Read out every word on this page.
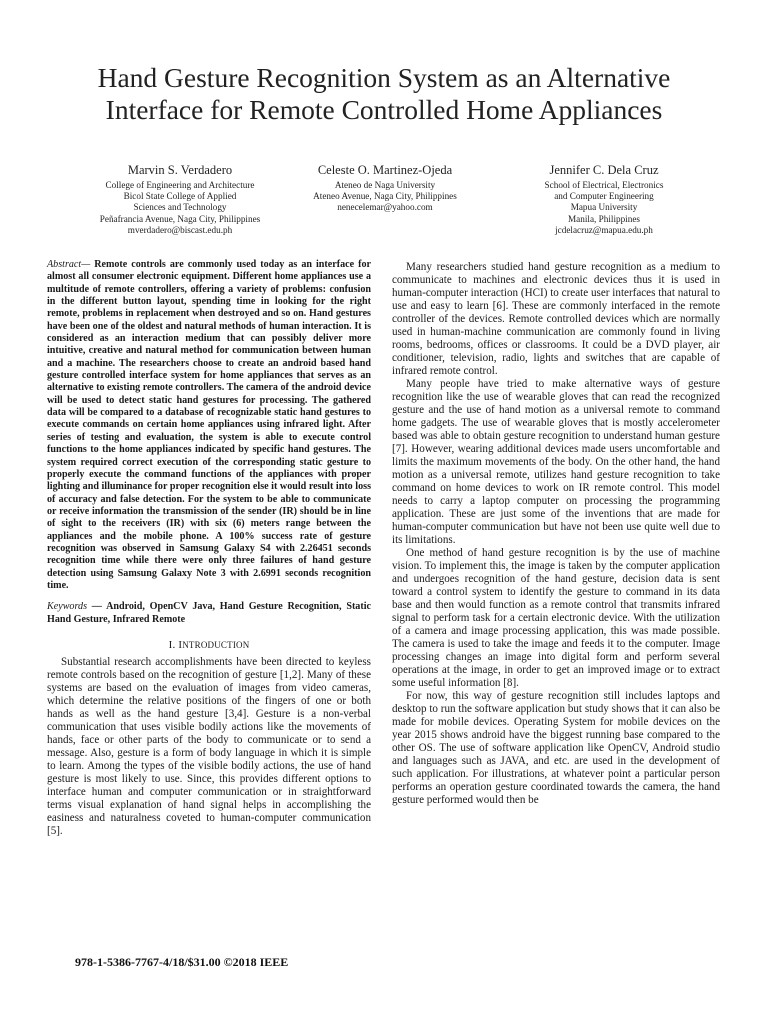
Hand Gesture Recognition System as an Alternative
Interface for Remote Controlled Home Appliances
Marvin S. Verdadero
College of Engineering and Architecture
Bicol State College of Applied
Sciences and Technology
Peñafrancia Avenue, Naga City, Philippines
mverdadero@biscast.edu.ph
Celeste O. Martinez-Ojeda
Ateneo de Naga University
Ateneo Avenue, Naga City, Philippines
nenecelemar@yahoo.com
Jennifer C. Dela Cruz
School of Electrical, Electronics
and Computer Engineering
Mapua University
Manila, Philippines
jcdelacruz@mapua.edu.ph

Abstract— Remote controls are commonly used today as an interface for almost all consumer electronic equipment. Different home appliances use a multitude of remote controllers, offering a variety of problems: confusion in the different button layout, spending time in looking for the right remote, problems in replacement when destroyed and so on. Hand gestures have been one of the oldest and natural methods of human interaction. It is considered as an interaction medium that can possibly deliver more intuitive, creative and natural method for communication between human and a machine. The researchers choose to create an android based hand gesture controlled interface system for home appliances that serves as an alternative to existing remote controllers. The camera of the android device will be used to detect static hand gestures for processing. The gathered data will be compared to a database of recognizable static hand gestures to execute commands on certain home appliances using infrared light. After series of testing and evaluation, the system is able to execute control functions to the home appliances indicated by specific hand gestures. The system required correct execution of the corresponding static gesture to properly execute the command functions of the appliances with proper lighting and illuminance for proper recognition else it would result into loss of accuracy and false detection. For the system to be able to communicate or receive information the transmission of the sender (IR) should be in line of sight to the receivers (IR) with six (6) meters range between the appliances and the mobile phone. A 100% success rate of gesture recognition was observed in Samsung Galaxy S4 with 2.26451 seconds recognition time while there were only three failures of hand gesture detection using Samsung Galaxy Note 3 with 2.6991 seconds recognition time.

Keywords — Android, OpenCV Java, Hand Gesture Recognition, Static Hand Gesture, Infrared Remote

I. INTRODUCTION

Substantial research accomplishments have been directed to keyless remote controls based on the recognition of gesture [1,2]. Many of these systems are based on the evaluation of images from video cameras, which determine the relative positions of the fingers of one or both hands as well as the hand gesture [3,4]. Gesture is a non-verbal communication that uses visible bodily actions like the movements of hands, face or other parts of the body to communicate or to send a message. Also, gesture is a form of body language in which it is simple to learn. Among the types of the visible bodily actions, the use of hand gesture is most likely to use. Since, this provides different options to interface human and computer communication or in straightforward terms visual explanation of hand signal helps in accomplishing the easiness and naturalness coveted to human-computer communication [5].

Many researchers studied hand gesture recognition as a medium to communicate to machines and electronic devices thus it is used in human-computer interaction (HCI) to create user interfaces that natural to use and easy to learn [6]. These are commonly interfaced in the remote controller of the devices. Remote controlled devices which are normally used in human-machine communication are commonly found in living rooms, bedrooms, offices or classrooms. It could be a DVD player, air conditioner, television, radio, lights and switches that are capable of infrared remote control.

Many people have tried to make alternative ways of gesture recognition like the use of wearable gloves that can read the recognized gesture and the use of hand motion as a universal remote to command home gadgets. The use of wearable gloves that is mostly accelerometer based was able to obtain gesture recognition to understand human gesture [7]. However, wearing additional devices made users uncomfortable and limits the maximum movements of the body. On the other hand, the hand motion as a universal remote, utilizes hand gesture recognition to take command on home devices to work on IR remote control. This model needs to carry a laptop computer on processing the programming application. These are just some of the inventions that are made for human-computer communication but have not been use quite well due to its limitations.

One method of hand gesture recognition is by the use of machine vision. To implement this, the image is taken by the computer application and undergoes recognition of the hand gesture, decision data is sent toward a control system to identify the gesture to command in its data base and then would function as a remote control that transmits infrared signal to perform task for a certain electronic device. With the utilization of a camera and image processing application, this was made possible. The camera is used to take the image and feeds it to the computer. Image processing changes an image into digital form and perform several operations at the image, in order to get an improved image or to extract some useful information [8].

For now, this way of gesture recognition still includes laptops and desktop to run the software application but study shows that it can also be made for mobile devices. Operating System for mobile devices on the year 2015 shows android have the biggest running base compared to the other OS. The use of software application like OpenCV, Android studio and languages such as JAVA, and etc. are used in the development of such application. For illustrations, at whatever point a particular person performs an operation gesture coordinated towards the camera, the hand gesture performed would then be

978-1-5386-7767-4/18/$31.00 ©2018 IEEE
